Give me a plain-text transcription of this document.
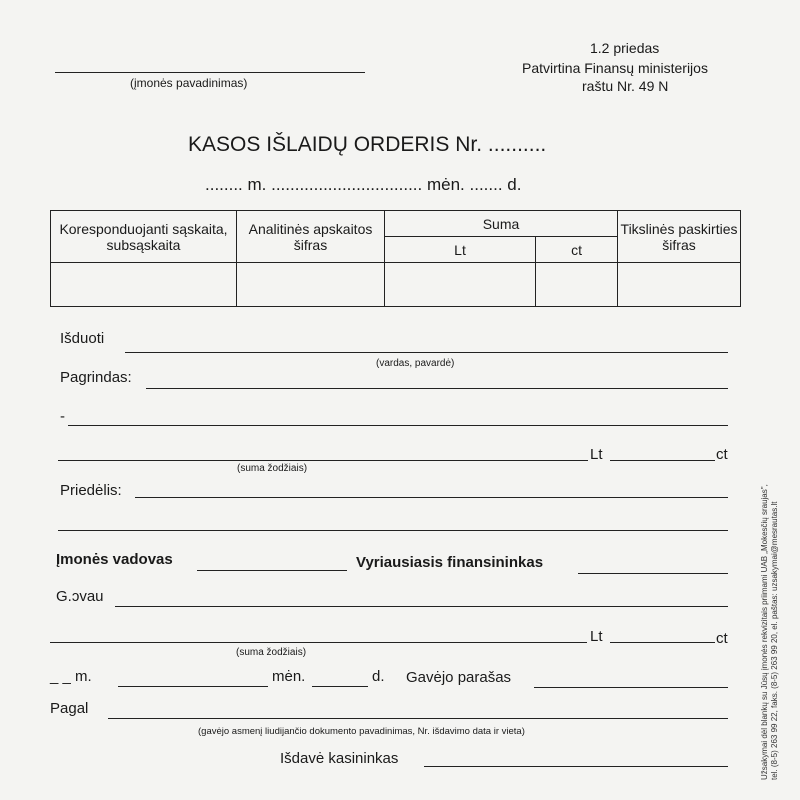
(įmonės pavadinimas)
1.2 priedas
Patvirtina Finansų ministerijos
raštu Nr. 49 N
KASOS IŠLAIDŲ ORDERIS Nr. ..........
........ m. ................................ mėn. ....... d.
Koresponduojanti sąskaita, subsąskaita	Analitinės apskaitos šifras	Suma		Tikslinės paskirties šifras
		Lt	ct	

Išduoti
(vardas, pavardė)
Pagrindas:
-
Lt	ct
(suma žodžiais)
Priedėlis:
Įmonės vadovas	Vyriausiasis finansininkas
G.ɔvau
Lt	ct
(suma žodžiais)
_ _ m.	mėn.	d. Gavėjo parašas
Pagal
(gavėjo asmenį liudijančio dokumento pavadinimas, Nr. išdavimo data ir vieta)
Išdavė kasininkas	Užsakymai dėl blankų su Jūsų įmonės rekvizitais priimami UAB „Mokesčių sraujas", tel. (8-5) 263 99 22, faks. (8-5) 263 99 20, el. paštas: uzsakymai@mesrautas.lt
